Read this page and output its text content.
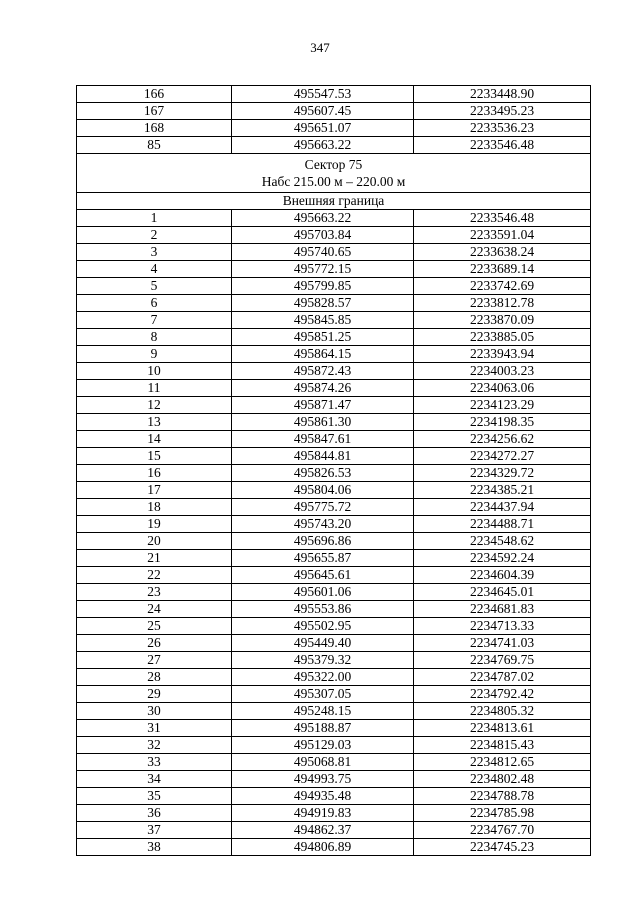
347
166	495547.53	2233448.90
167	495607.45	2233495.23
168	495651.07	2233536.23
85	495663.22	2233546.48

Сектор 75
Набс 215.00 м – 220.00 м		

Внешняя граница		
1	495663.22	2233546.48
2	495703.84	2233591.04
3	495740.65	2233638.24
4	495772.15	2233689.14
5	495799.85	2233742.69
6	495828.57	2233812.78
7	495845.85	2233870.09
8	495851.25	2233885.05
9	495864.15	2233943.94
10	495872.43	2234003.23
11	495874.26	2234063.06
12	495871.47	2234123.29
13	495861.30	2234198.35
14	495847.61	2234256.62
15	495844.81	2234272.27
16	495826.53	2234329.72
17	495804.06	2234385.21
18	495775.72	2234437.94
19	495743.20	2234488.71
20	495696.86	2234548.62
21	495655.87	2234592.24
22	495645.61	2234604.39
23	495601.06	2234645.01
24	495553.86	2234681.83
25	495502.95	2234713.33
26	495449.40	2234741.03
27	495379.32	2234769.75
28	495322.00	2234787.02
29	495307.05	2234792.42
30	495248.15	2234805.32
31	495188.87	2234813.61
32	495129.03	2234815.43
33	495068.81	2234812.65
34	494993.75	2234802.48
35	494935.48	2234788.78
36	494919.83	2234785.98
37	494862.37	2234767.70
38	494806.89	2234745.23
